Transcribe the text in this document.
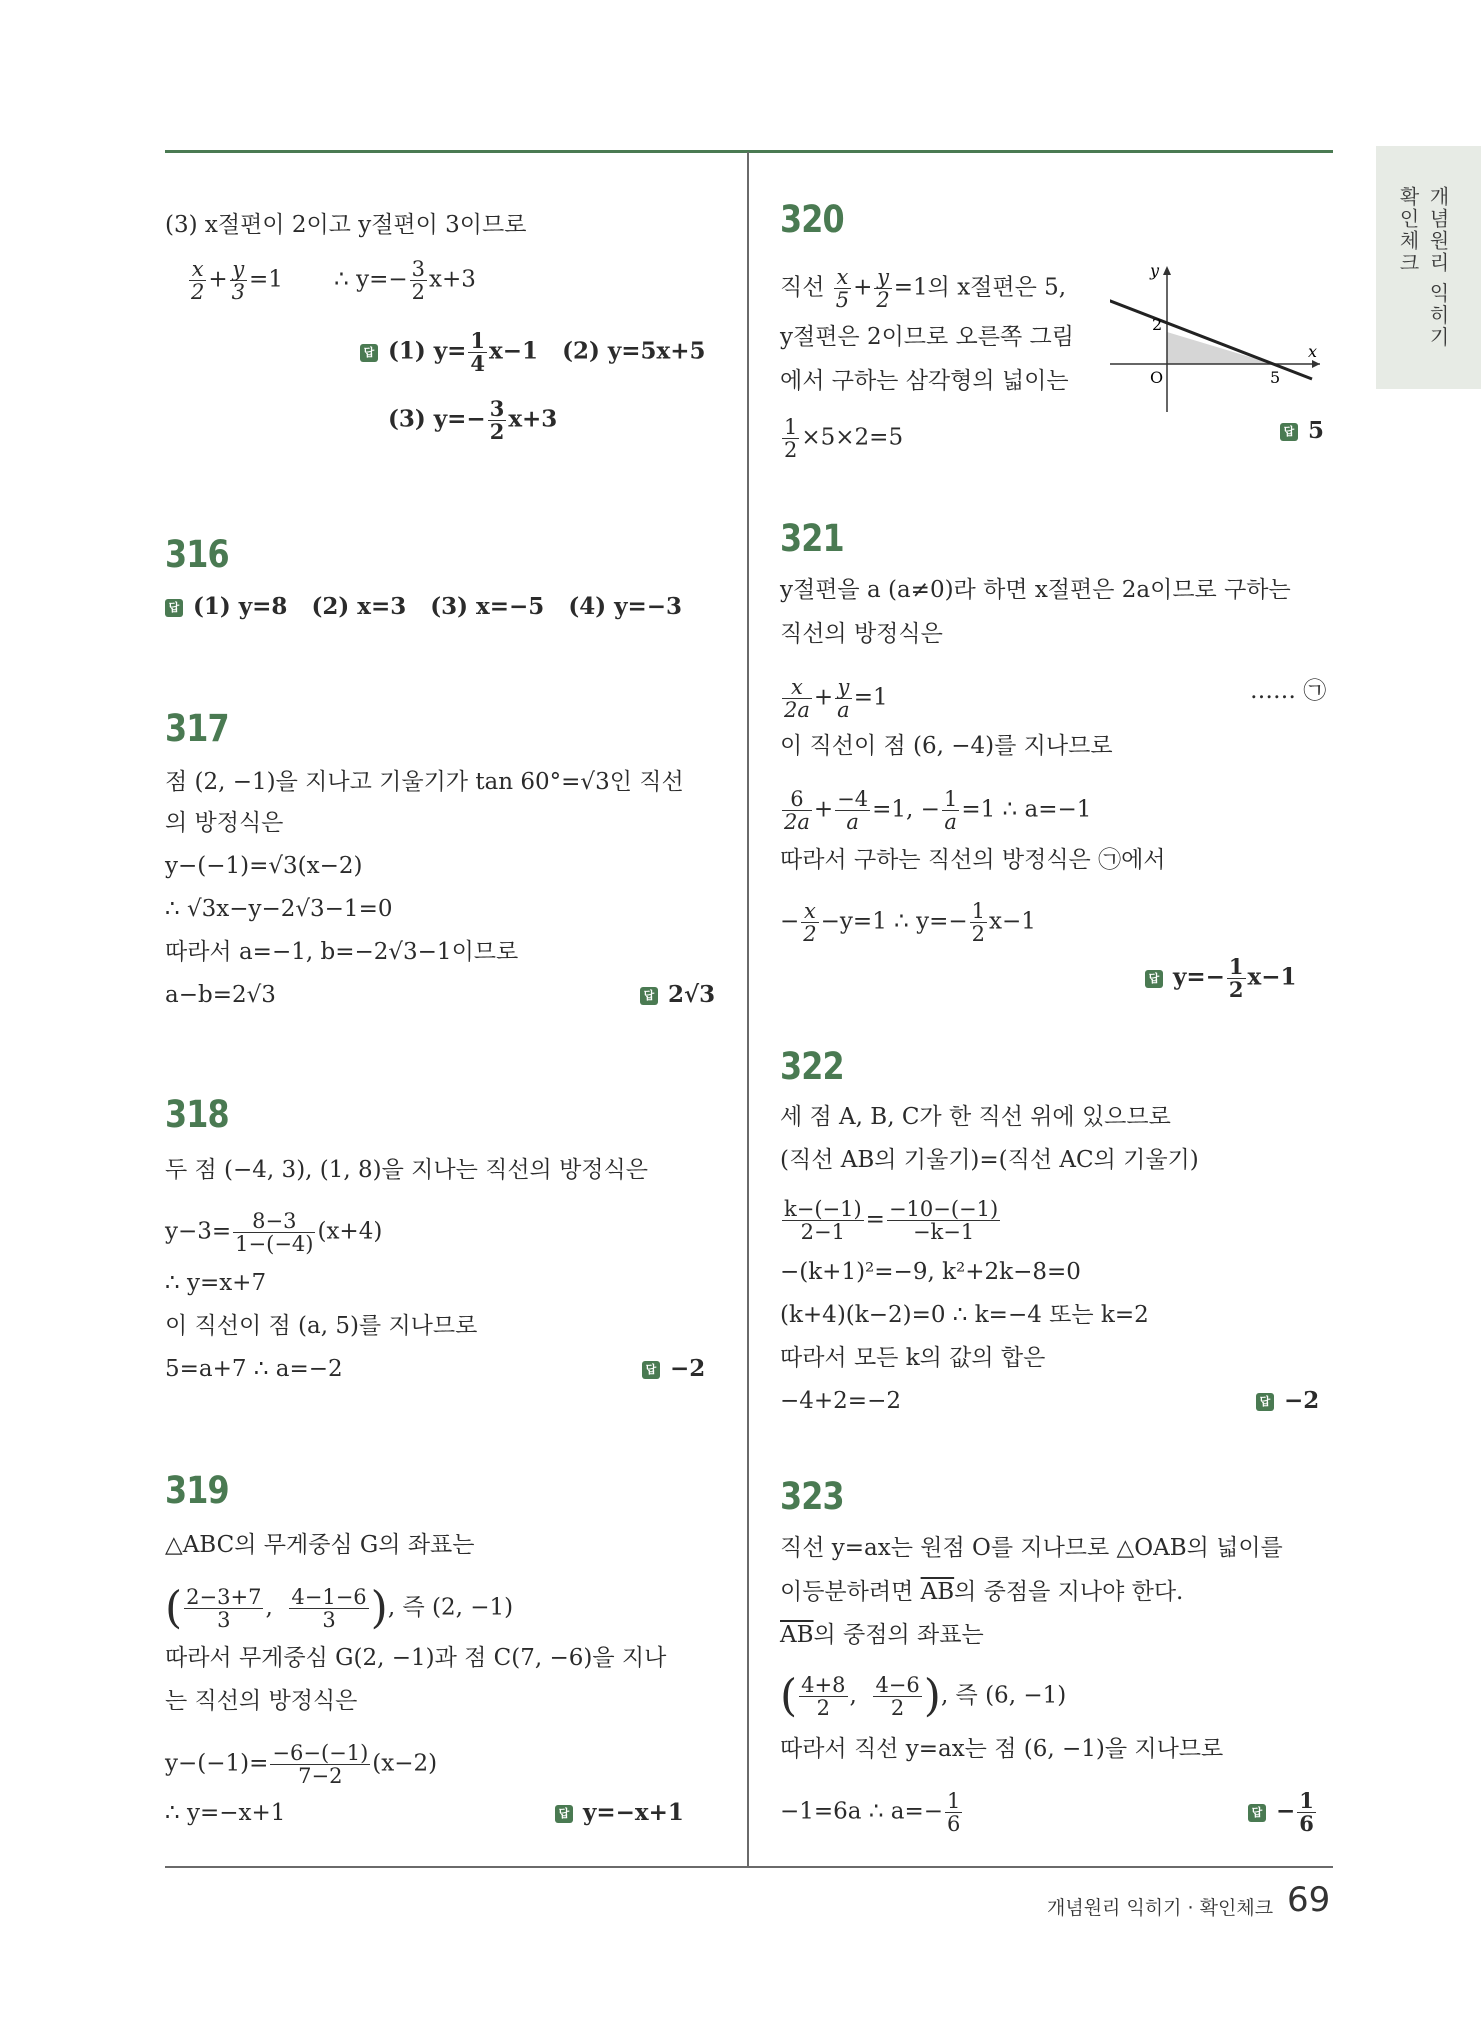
개념원리 익히기
확인체크
(3) x절편이 2이고 y절편이 3이므로
$\frac{x}{2} + \frac{y}{3} =1$ ∴ $y=- \frac{3}{2} x+3$
답 (1) $y= \frac{1}{4} x-1$ (2) y=5x+5
(3) $y=- \frac{3}{2} x+3$
316
답 (1) y=8 (2) x=3 (3) x=−5 (4) y=−3
317
점 (2, −1)을 지나고 기울기가 tan 60°=√3인 직선
의 방정식은
y−(−1)=√3(x−2)
∴ √3x−y−2√3−1=0
따라서 a=−1, b=−2√3−1이므로
a−b=2√3	답 2√3
318
두 점 (−4, 3), (1, 8)을 지나는 직선의 방정식은
$y-3= \frac{8-3}{1-(-4)} (x+4)$
∴ y=x+7
이 직선이 점 (a, 5)를 지나므로
5=a+7 ∴ a=−2	답 −2
319
△ABC의 무게중심 G의 좌표는
( $\frac{2-3+7}{3}$ , $\frac{4-1-6}{3}$ ), 즉 (2, −1)
따라서 무게중심 G(2, −1)과 점 C(7, −6)을 지나
는 직선의 방정식은
$y-(-1)= \frac{-6-(-1)}{7-2} (x-2)$
∴ y=−x+1	답 y=−x+1
320
직선 $\frac{x}{5} + \frac{y}{2} =1$의 x절편은 5,
y절편은 2이므로 오른쪽 그림
에서 구하는 삼각형의 넓이는
$\frac{1}{2} \times 5\times 2=5$	답 5
y
x
O
2
5
321
y절편을 a (a≠0)라 하면 x절편은 2a이므로 구하는
직선의 방정식은
$\frac{x}{2a} + \frac{y}{a} =1$	…… ㉠
이 직선이 점 (6, −4)를 지나므로
$\frac{6}{2a} + \frac{-4}{a} =1$, − $\frac{1}{a} =1$ ∴ a=−1
따라서 구하는 직선의 방정식은 ㉠에서
− $\frac{x}{2} -y=1$ ∴ $y=- \frac{1}{2} x-1$
답 $y=- \frac{1}{2} x-1$
322
세 점 A, B, C가 한 직선 위에 있으므로
(직선 AB의 기울기)=(직선 AC의 기울기)
$\frac{k-(-1)}{2-1} = \frac{-10-(-1)}{-k-1}$
−(k+1)²=−9, k²+2k−8=0
(k+4)(k−2)=0 ∴ k=−4 또는 k=2
따라서 모든 k의 값의 합은
−4+2=−2	답 −2
323
직선 y=ax는 원점 O를 지나므로 △OAB의 넓이를
이등분하려면 $\overline{AB}$의 중점을 지나야 한다.
$\overline{AB}$의 중점의 좌표는
( $\frac{4+8}{2}$ , $\frac{4-6}{2}$ ), 즉 (6, −1)
따라서 직선 y=ax는 점 (6, −1)을 지나므로
−1=6a ∴ $a=- \frac{1}{6}$	답 − $\frac{1}{6}$
개념원리 익히기 · 확인체크 69
